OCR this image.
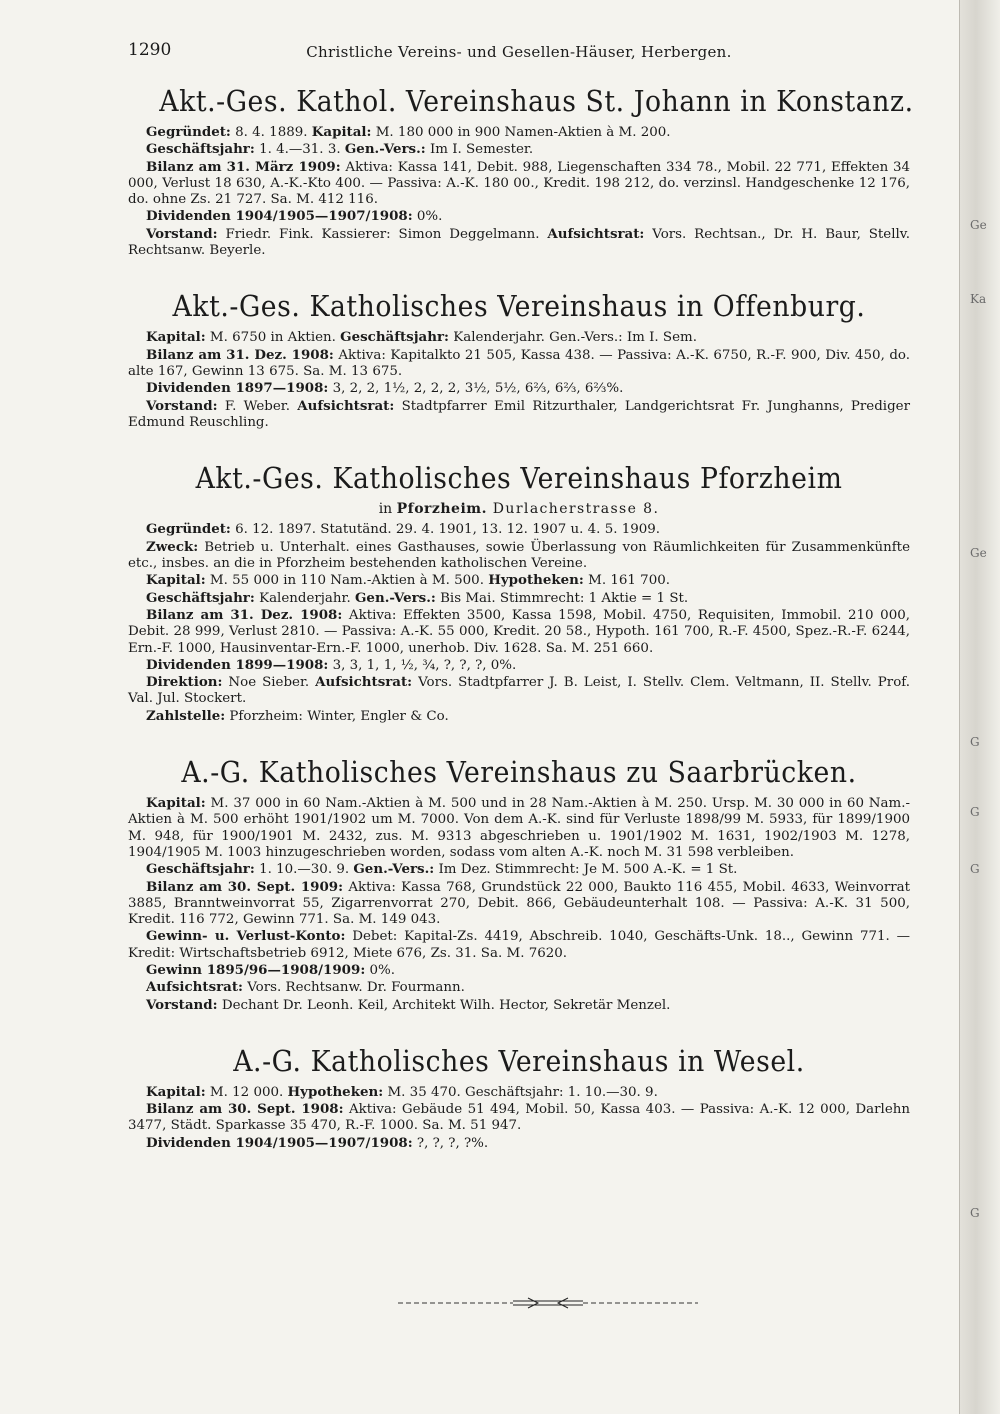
Ge
Ka
Ge
G
G
G
G
1290	Christliche Vereins- und Gesellen-Häuser, Herbergen.
Akt.-Ges. Kathol. Vereinshaus St. Johann in Konstanz.

Gegründet: 8. 4. 1889. Kapital: M. 180 000 in 900 Namen-Aktien à M. 200.

Geschäftsjahr: 1. 4.—31. 3. Gen.-Vers.: Im I. Semester.

Bilanz am 31. März 1909: Aktiva: Kassa 141, Debit. 988, Liegenschaften 334 78., Mobil. 22 771, Effekten 34 000, Verlust 18 630, A.-K.-Kto 400. — Passiva: A.-K. 180 00., Kredit. 198 212, do. verzinsl. Handgeschenke 12 176, do. ohne Zs. 21 727. Sa. M. 412 116.

Dividenden 1904/1905—1907/1908: 0%.

Vorstand: Friedr. Fink. Kassierer: Simon Deggelmann. Aufsichtsrat: Vors. Rechtsan., Dr. H. Baur, Stellv. Rechtsanw. Beyerle.

Akt.-Ges. Katholisches Vereinshaus in Offenburg.

Kapital: M. 6750 in Aktien. Geschäftsjahr: Kalenderjahr. Gen.-Vers.: Im I. Sem.

Bilanz am 31. Dez. 1908: Aktiva: Kapitalkto 21 505, Kassa 438. — Passiva: A.-K. 6750, R.-F. 900, Div. 450, do. alte 167, Gewinn 13 675. Sa. M. 13 675.

Dividenden 1897—1908: 3, 2, 2, 1½, 2, 2, 2, 3½, 5½, 6⅔, 6⅔, 6⅔%.

Vorstand: F. Weber. Aufsichtsrat: Stadtpfarrer Emil Ritzurthaler, Landgerichtsrat Fr. Junghanns, Prediger Edmund Reuschling.

Akt.-Ges. Katholisches Vereinshaus Pforzheim
in Pforzheim. Durlacherstrasse 8.

Gegründet: 6. 12. 1897. Statutänd. 29. 4. 1901, 13. 12. 1907 u. 4. 5. 1909.

Zweck: Betrieb u. Unterhalt. eines Gasthauses, sowie Überlassung von Räumlichkeiten für Zusammenkünfte etc., insbes. an die in Pforzheim bestehenden katholischen Vereine.

Kapital: M. 55 000 in 110 Nam.-Aktien à M. 500. Hypotheken: M. 161 700.

Geschäftsjahr: Kalenderjahr. Gen.-Vers.: Bis Mai. Stimmrecht: 1 Aktie = 1 St.

Bilanz am 31. Dez. 1908: Aktiva: Effekten 3500, Kassa 1598, Mobil. 4750, Requisiten, Immobil. 210 000, Debit. 28 999, Verlust 2810. — Passiva: A.-K. 55 000, Kredit. 20 58., Hypoth. 161 700, R.-F. 4500, Spez.-R.-F. 6244, Ern.-F. 1000, Hausinventar-Ern.-F. 1000, unerhob. Div. 1628. Sa. M. 251 660.

Dividenden 1899—1908: 3, 3, 1, 1, ½, ¾, ?, ?, ?, 0%.

Direktion: Noe Sieber. Aufsichtsrat: Vors. Stadtpfarrer J. B. Leist, I. Stellv. Clem. Veltmann, II. Stellv. Prof. Val. Jul. Stockert.

Zahlstelle: Pforzheim: Winter, Engler & Co.

A.-G. Katholisches Vereinshaus zu Saarbrücken.

Kapital: M. 37 000 in 60 Nam.-Aktien à M. 500 und in 28 Nam.-Aktien à M. 250. Ursp. M. 30 000 in 60 Nam.-Aktien à M. 500 erhöht 1901/1902 um M. 7000. Von dem A.-K. sind für Verluste 1898/99 M. 5933, für 1899/1900 M. 948, für 1900/1901 M. 2432, zus. M. 9313 abgeschrieben u. 1901/1902 M. 1631, 1902/1903 M. 1278, 1904/1905 M. 1003 hinzugeschrieben worden, sodass vom alten A.-K. noch M. 31 598 verbleiben.

Geschäftsjahr: 1. 10.—30. 9. Gen.-Vers.: Im Dez. Stimmrecht: Je M. 500 A.-K. = 1 St.

Bilanz am 30. Sept. 1909: Aktiva: Kassa 768, Grundstück 22 000, Baukto 116 455, Mobil. 4633, Weinvorrat 3885, Branntweinvorrat 55, Zigarrenvorrat 270, Debit. 866, Gebäudeunterhalt 108. — Passiva: A.-K. 31 500, Kredit. 116 772, Gewinn 771. Sa. M. 149 043.

Gewinn- u. Verlust-Konto: Debet: Kapital-Zs. 4419, Abschreib. 1040, Geschäfts-Unk. 18.., Gewinn 771. — Kredit: Wirtschaftsbetrieb 6912, Miete 676, Zs. 31. Sa. M. 7620.

Gewinn 1895/96—1908/1909: 0%.

Aufsichtsrat: Vors. Rechtsanw. Dr. Fourmann.

Vorstand: Dechant Dr. Leonh. Keil, Architekt Wilh. Hector, Sekretär Menzel.

A.-G. Katholisches Vereinshaus in Wesel.

Kapital: M. 12 000. Hypotheken: M. 35 470. Geschäftsjahr: 1. 10.—30. 9.

Bilanz am 30. Sept. 1908: Aktiva: Gebäude 51 494, Mobil. 50, Kassa 403. — Passiva: A.-K. 12 000, Darlehn 3477, Städt. Sparkasse 35 470, R.-F. 1000. Sa. M. 51 947.

Dividenden 1904/1905—1907/1908: ?, ?, ?, ?%.
